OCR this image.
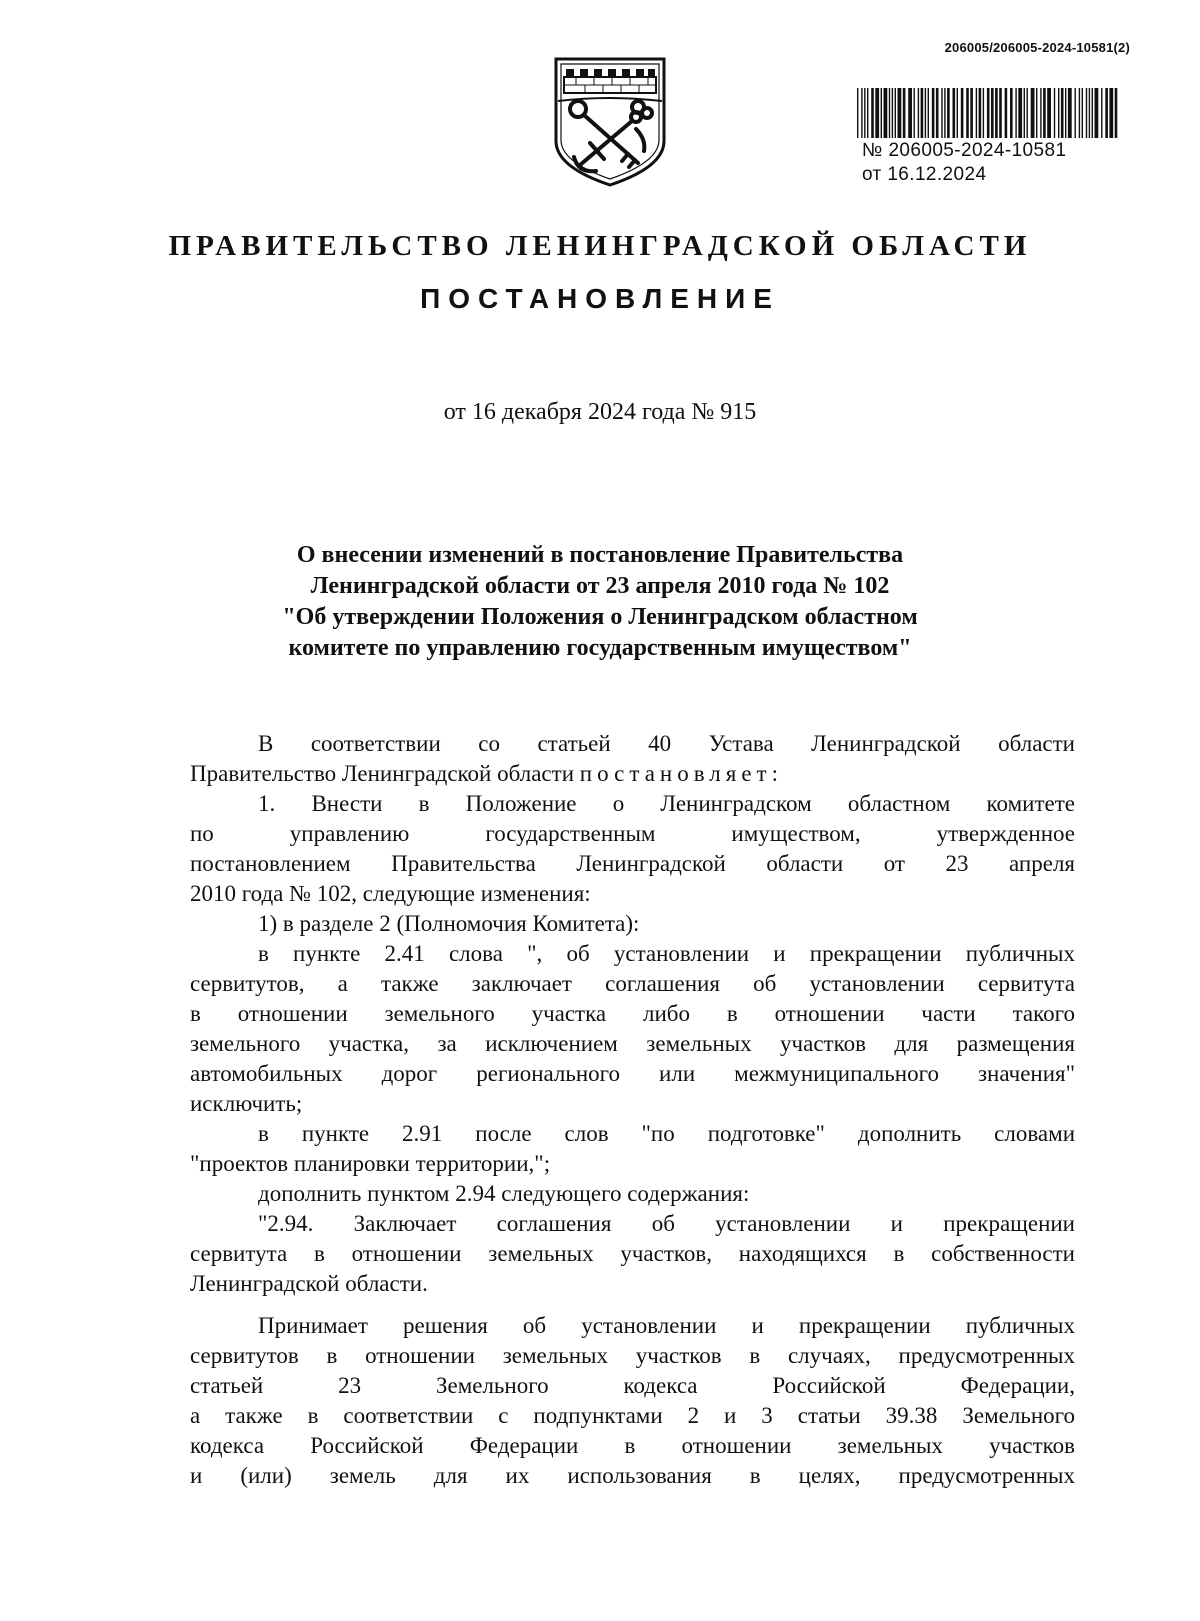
206005/206005-2024-10581(2)
№ 206005-2024-10581
от 16.12.2024
ПРАВИТЕЛЬСТВО ЛЕНИНГРАДСКОЙ ОБЛАСТИ
ПОСТАНОВЛЕНИЕ
от 16 декабря 2024 года № 915
О внесении изменений в постановление Правительства
Ленинградской области от 23 апреля 2010 года № 102
"Об утверждении Положения о Ленинградском областном
комитете по управлению государственным имуществом"
В соответствии со статьей 40 Устава Ленинградской области
Правительство Ленинградской области постановляет:
1. Внести в Положение о Ленинградском областном комитете
по управлению государственным имуществом, утвержденное
постановлением Правительства Ленинградской области от 23 апреля
2010 года № 102, следующие изменения:
1) в разделе 2 (Полномочия Комитета):
в пункте 2.41 слова ", об установлении и прекращении публичных
сервитутов, а также заключает соглашения об установлении сервитута
в отношении земельного участка либо в отношении части такого
земельного участка, за исключением земельных участков для размещения
автомобильных дорог регионального или межмуниципального значения"
исключить;
в пункте 2.91 после слов "по подготовке" дополнить словами
"проектов планировки территории,";
дополнить пунктом 2.94 следующего содержания:
"2.94. Заключает соглашения об установлении и прекращении
сервитута в отношении земельных участков, находящихся в собственности
Ленинградской области.
Принимает решения об установлении и прекращении публичных
сервитутов в отношении земельных участков в случаях, предусмотренных
статьей 23 Земельного кодекса Российской Федерации,
а также в соответствии с подпунктами 2 и 3 статьи 39.38 Земельного
кодекса Российской Федерации в отношении земельных участков
и (или) земель для их использования в целях, предусмотренных
